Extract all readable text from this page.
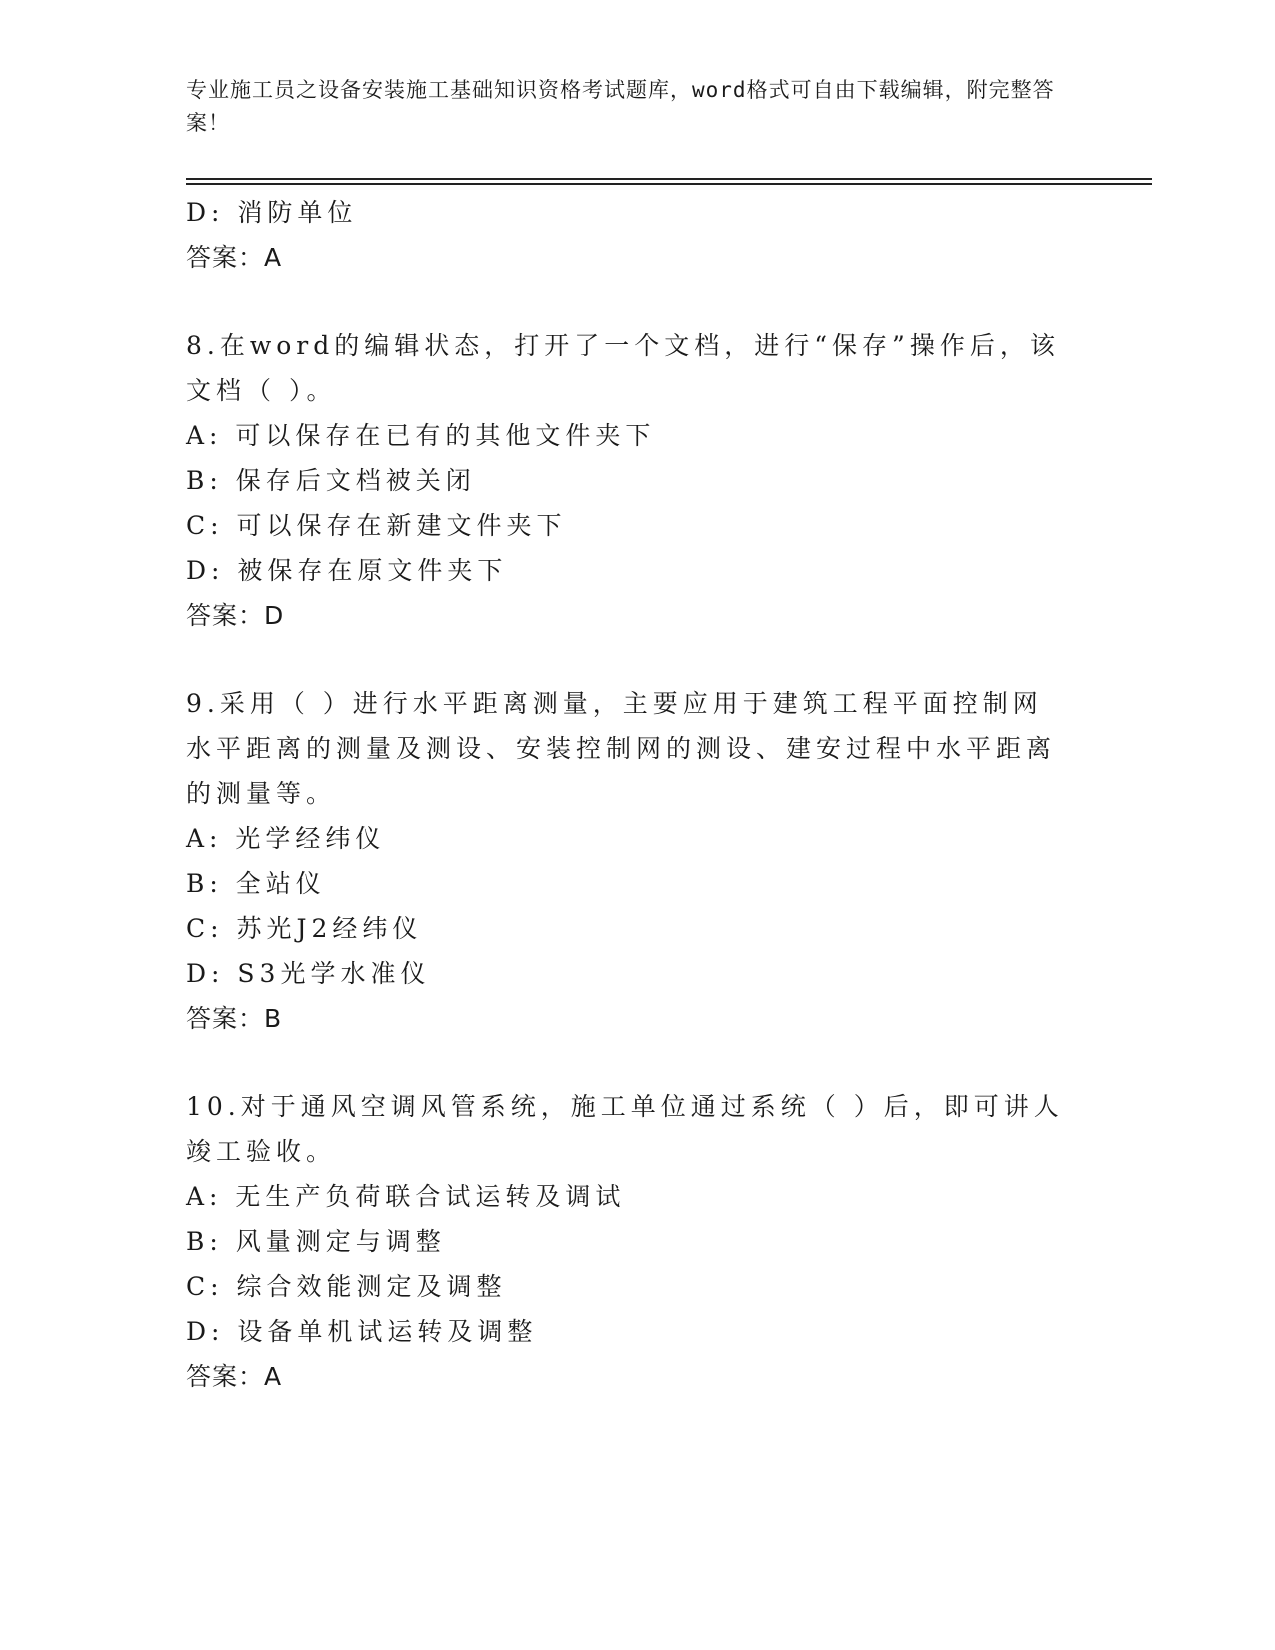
专业施工员之设备安装施工基础知识资格考试题库，word格式可自由下载编辑，附完整答案！
D: 消防单位
答案：A
8.在word的编辑状态，打开了一个文档，进行“保存”操作后，该文档（ ）。
A: 可以保存在已有的其他文件夹下
B: 保存后文档被关闭
C: 可以保存在新建文件夹下
D: 被保存在原文件夹下
答案：D
9.采用（ ）进行水平距离测量，主要应用于建筑工程平面控制网水平距离的测量及测设、安装控制网的测设、建安过程中水平距离的测量等。
A: 光学经纬仪
B: 全站仪
C: 苏光J2经纬仪
D: S3光学水准仪
答案：B
10.对于通风空调风管系统，施工单位通过系统（ ）后，即可讲人竣工验收。
A: 无生产负荷联合试运转及调试
B: 风量测定与调整
C: 综合效能测定及调整
D: 设备单机试运转及调整
答案：A
